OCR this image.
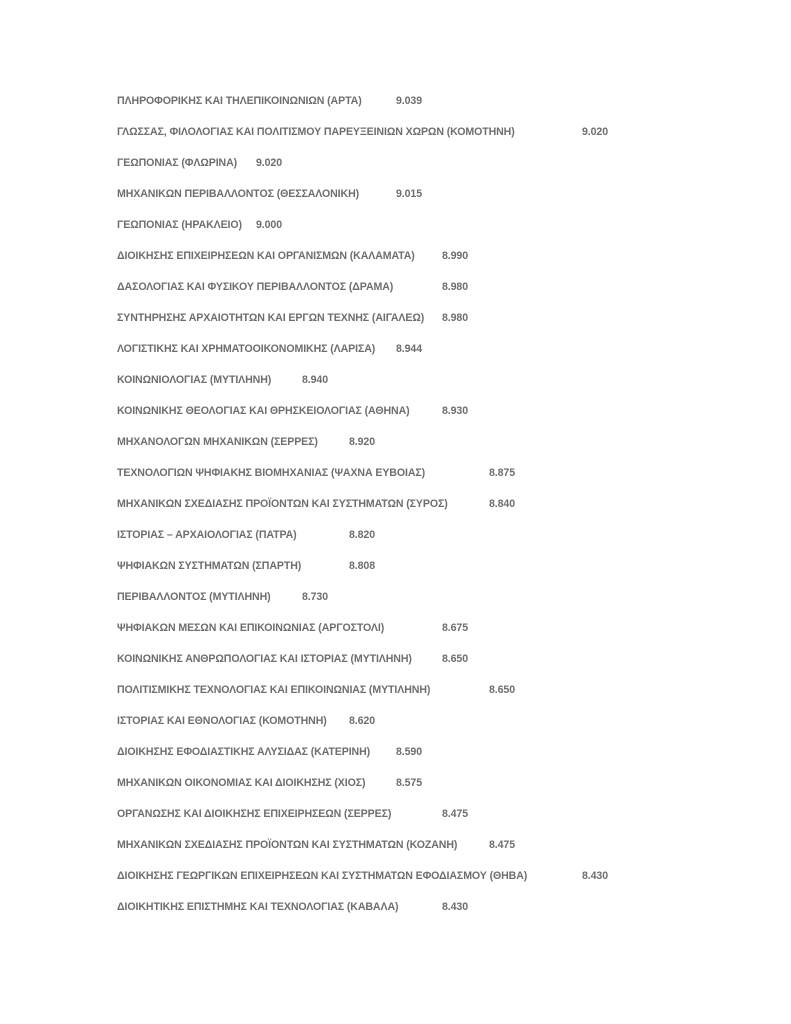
ΠΛΗΡΟΦΟΡΙΚΗΣ ΚΑΙ ΤΗΛΕΠΙΚΟΙΝΩΝΙΩΝ (ΑΡΤΑ)	9.039
ΓΛΩΣΣΑΣ, ΦΙΛΟΛΟΓΙΑΣ ΚΑΙ ΠΟΛΙΤΙΣΜΟΥ ΠΑΡΕΥΞΕΙΝΙΩΝ ΧΩΡΩΝ (ΚΟΜΟΤΗΝΗ)	9.020
ΓΕΩΠΟΝΙΑΣ (ΦΛΩΡΙΝΑ) 9.020
ΜΗΧΑΝΙΚΩΝ ΠΕΡΙΒΑΛΛΟΝΤΟΣ (ΘΕΣΣΑΛΟΝΙΚΗ)	9.015
ΓΕΩΠΟΝΙΑΣ (ΗΡΑΚΛΕΙΟ) 9.000
ΔΙΟΙΚΗΣΗΣ ΕΠΙΧΕΙΡΗΣΕΩΝ ΚΑΙ ΟΡΓΑΝΙΣΜΩΝ (ΚΑΛΑΜΑΤΑ)	8.990
ΔΑΣΟΛΟΓΙΑΣ ΚΑΙ ΦΥΣΙΚΟΥ ΠΕΡΙΒΑΛΛΟΝΤΟΣ (ΔΡΑΜΑ)	8.980
ΣΥΝΤΗΡΗΣΗΣ ΑΡΧΑΙΟΤΗΤΩΝ ΚΑΙ ΕΡΓΩΝ ΤΕΧΝΗΣ (ΑΙΓΑΛΕΩ) 8.980
ΛΟΓΙΣΤΙΚΗΣ ΚΑΙ ΧΡΗΜΑΤΟΟΙΚΟΝΟΜΙΚΗΣ (ΛΑΡΙΣΑ) 8.944
ΚΟΙΝΩΝΙΟΛΟΓΙΑΣ (ΜΥΤΙΛΗΝΗ)	8.940
ΚΟΙΝΩΝΙΚΗΣ ΘΕΟΛΟΓΙΑΣ ΚΑΙ ΘΡΗΣΚΕΙΟΛΟΓΙΑΣ (ΑΘΗΝΑ)	8.930
ΜΗΧΑΝΟΛΟΓΩΝ ΜΗΧΑΝΙΚΩΝ (ΣΕΡΡΕΣ)	8.920
ΤΕΧΝΟΛΟΓΙΩΝ ΨΗΦΙΑΚΗΣ ΒΙΟΜΗΧΑΝΙΑΣ (ΨΑΧΝΑ ΕΥΒΟΙΑΣ)	8.875
ΜΗΧΑΝΙΚΩΝ ΣΧΕΔΙΑΣΗΣ ΠΡΟΪΟΝΤΩΝ ΚΑΙ ΣΥΣΤΗΜΑΤΩΝ (ΣΥΡΟΣ)	8.840
ΙΣΤΟΡΙΑΣ – ΑΡΧΑΙΟΛΟΓΙΑΣ (ΠΑΤΡΑ)	8.820
ΨΗΦΙΑΚΩΝ ΣΥΣΤΗΜΑΤΩΝ (ΣΠΑΡΤΗ)	8.808
ΠΕΡΙΒΑΛΛΟΝΤΟΣ (ΜΥΤΙΛΗΝΗ)	8.730
ΨΗΦΙΑΚΩΝ ΜΕΣΩΝ ΚΑΙ ΕΠΙΚΟΙΝΩΝΙΑΣ (ΑΡΓΟΣΤΟΛΙ)	8.675
ΚΟΙΝΩΝΙΚΗΣ ΑΝΘΡΩΠΟΛΟΓΙΑΣ ΚΑΙ ΙΣΤΟΡΙΑΣ (ΜΥΤΙΛΗΝΗ)	8.650
ΠΟΛΙΤΙΣΜΙΚΗΣ ΤΕΧΝΟΛΟΓΙΑΣ ΚΑΙ ΕΠΙΚΟΙΝΩΝΙΑΣ (ΜΥΤΙΛΗΝΗ)	8.650
ΙΣΤΟΡΙΑΣ ΚΑΙ ΕΘΝΟΛΟΓΙΑΣ (ΚΟΜΟΤΗΝΗ) 8.620
ΔΙΟΙΚΗΣΗΣ ΕΦΟΔΙΑΣΤΙΚΗΣ ΑΛΥΣΙΔΑΣ (ΚΑΤΕΡΙΝΗ) 8.590
ΜΗΧΑΝΙΚΩΝ ΟΙΚΟΝΟΜΙΑΣ ΚΑΙ ΔΙΟΙΚΗΣΗΣ (ΧΙΟΣ)	8.575
ΟΡΓΑΝΩΣΗΣ ΚΑΙ ΔΙΟΙΚΗΣΗΣ ΕΠΙΧΕΙΡΗΣΕΩΝ (ΣΕΡΡΕΣ)	8.475
ΜΗΧΑΝΙΚΩΝ ΣΧΕΔΙΑΣΗΣ ΠΡΟΪΟΝΤΩΝ ΚΑΙ ΣΥΣΤΗΜΑΤΩΝ (ΚΟΖΑΝΗ)	8.475
ΔΙΟΙΚΗΣΗΣ ΓΕΩΡΓΙΚΩΝ ΕΠΙΧΕΙΡΗΣΕΩΝ ΚΑΙ ΣΥΣΤΗΜΑΤΩΝ ΕΦΟΔΙΑΣΜΟΥ (ΘΗΒΑ)	8.430
ΔΙΟΙΚΗΤΙΚΗΣ ΕΠΙΣΤΗΜΗΣ ΚΑΙ ΤΕΧΝΟΛΟΓΙΑΣ (ΚΑΒΑΛΑ)	8.430
